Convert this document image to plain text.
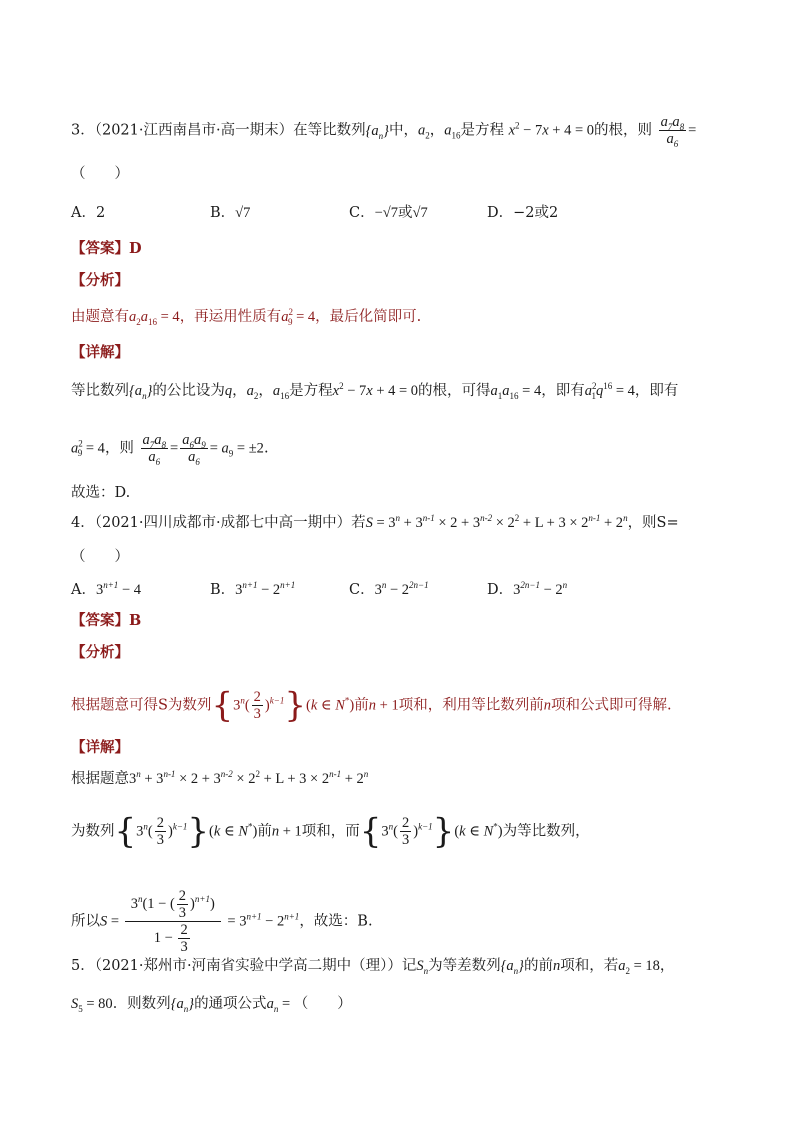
3．（2021·江西南昌市·高一期末）在等比数列$\{a_n\}$中，$a_2$，$a_{16}$是方程 $x^2 - 7x + 4 = 0$的根，则 $\frac{a_7a_8}{a_6}$ =
（　　）
A．2	B．√7	C．−√7或√7	D．−2或2
【答案】D
【分析】
由题意有$a_2a_{16} = 4$，再运用性质有$a^2_9 = 4$，最后化简即可.
【详解】
等比数列$\{a_n\}$的公比设为q，$a_2$，$a_{16}$是方程$x^2 - 7x + 4 = 0$的根，可得$a_1a_{16} = 4$，即有$a^2_1q^{16} = 4$，即有
$a^2_9 = 4$，则 $\frac{a_7a_8}{a_6} = \frac{a_6a_9}{a_6} = a_9 = \pm 2$.
故选：D.
4．（2021·四川成都市·成都七中高一期中）若$S = 3^n + 3^{n-1} \times 2 + 3^{n-2} \times 2^2 + L + 3 \times 2^{n-1} + 2^n$，则S=
（　　）
A．$3^{n+1} - 4$	B．$3^{n+1} - 2^{n+1}$	C．$3^n - 2^{2n-1}$	D．$3^{2n-1} - 2^n$
【答案】B
【分析】
根据题意可得S为数列$\{3^n( \frac{2}{3} )^{k-1}\}(k$ ∈ N*)前n + 1项和，利用等比数列前n项和公式即可得解.
【详解】
根据题意$3^n + 3^{n-1} \times 2 + 3^{n-2} \times 2^2 + L + 3 \times 2^{n-1} + 2^n$
为数列$\{3^n( \frac{2}{3} )^{k-1}\}(k$ ∈ N*)前n + 1项和，而$\{3^n( \frac{2}{3} )^{k-1}\}(k$ ∈ N*)为等比数列，
所以$S = \frac{3^n(1 - ( \frac{2}{3} )^{n+1})}{1 - \frac{2}{3}} = 3^{n+1} - 2^{n+1}$，故选：B.
5．（2021·郑州市·河南省实验中学高二期中（理））记$S_n$为等差数列$\{a_n\}$的前n项和，若$a_2 = 18$，
$S_5 = 80$．则数列$\{a_n\}$的通项公式$a_n$ = （　　）
